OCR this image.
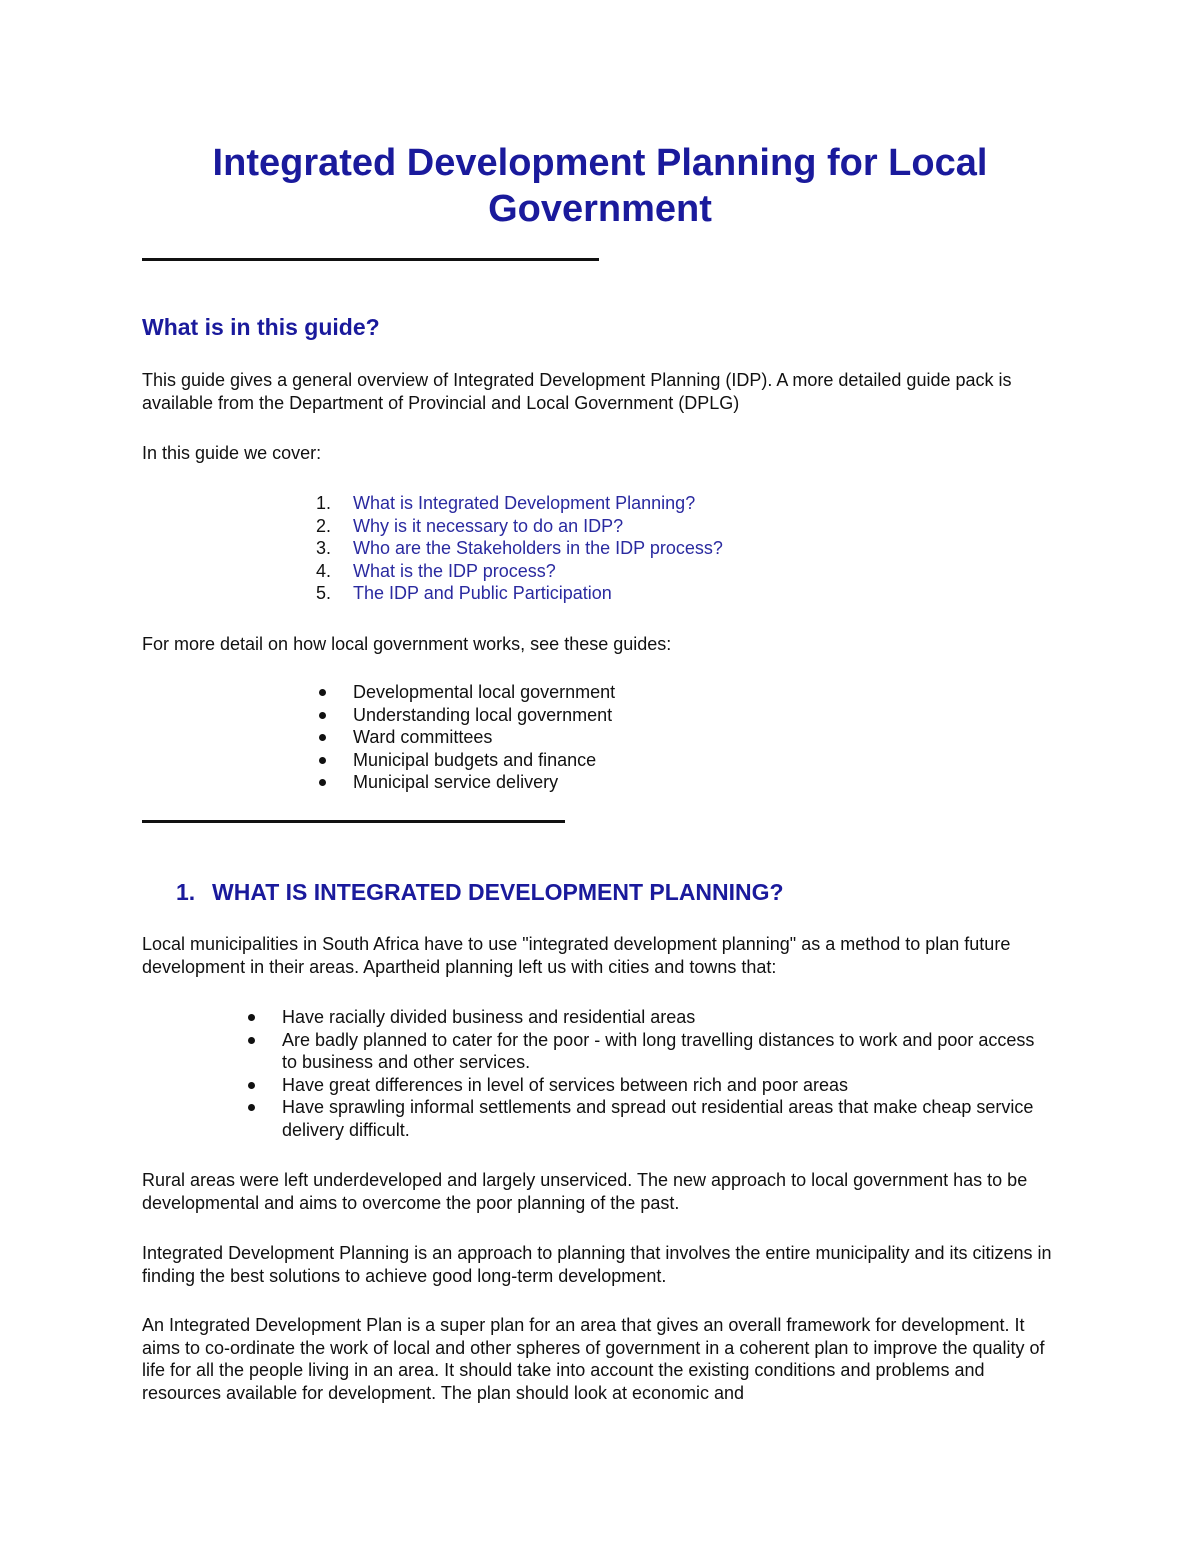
Integrated Development Planning for Local
Government
What is in this guide?

This guide gives a general overview of Integrated Development Planning (IDP). A more detailed guide pack is available from the Department of Provincial and Local Government (DPLG)

In this guide we cover:

1. What is Integrated Development Planning?
2. Why is it necessary to do an IDP?
3. Who are the Stakeholders in the IDP process?
4. What is the IDP process?
5. The IDP and Public Participation

For more detail on how local government works, see these guides:

Developmental local government
Understanding local government
Ward committees
Municipal budgets and finance
Municipal service delivery
1. WHAT IS INTEGRATED DEVELOPMENT PLANNING?

Local municipalities in South Africa have to use "integrated development planning" as a method to plan future development in their areas. Apartheid planning left us with cities and towns that:

Have racially divided business and residential areas
Are badly planned to cater for the poor - with long travelling distances to work and poor access to business and other services.
Have great differences in level of services between rich and poor areas
Have sprawling informal settlements and spread out residential areas that make cheap service delivery difficult.

Rural areas were left underdeveloped and largely unserviced. The new approach to local government has to be developmental and aims to overcome the poor planning of the past.

Integrated Development Planning is an approach to planning that involves the entire municipality and its citizens in finding the best solutions to achieve good long-term development.

An Integrated Development Plan is a super plan for an area that gives an overall framework for development. It aims to co-ordinate the work of local and other spheres of government in a coherent plan to improve the quality of life for all the people living in an area. It should take into account the existing conditions and problems and resources available for development. The plan should look at economic and
